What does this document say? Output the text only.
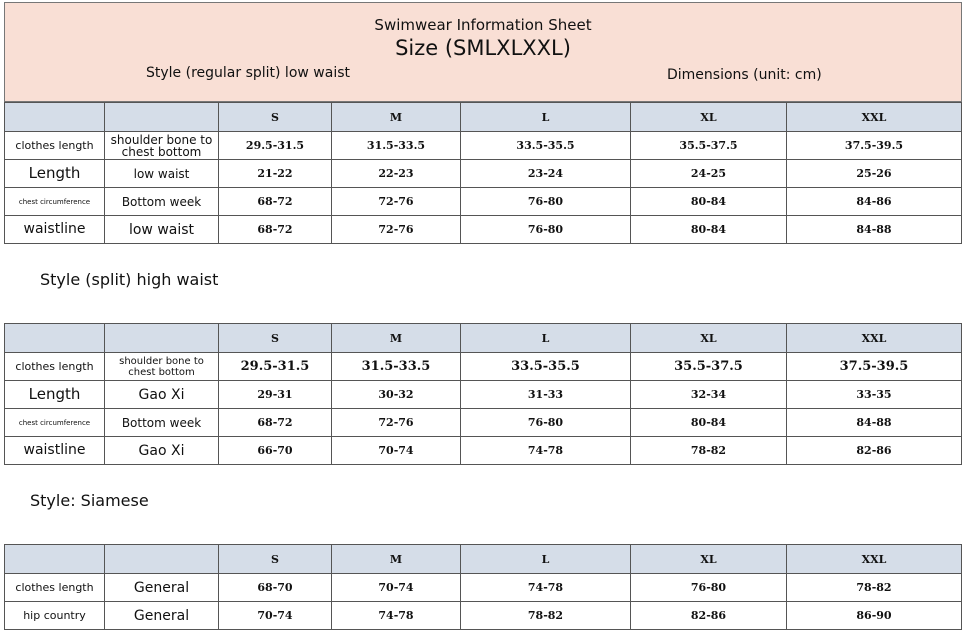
Swimwear Information Sheet
Size (SMLXLXXL)
Style (regular split) low waist	Dimensions (unit: cm)
		S	M	L	XL	XXL
clothes length	shoulder bone to chest bottom	29.5-31.5	31.5-33.5	33.5-35.5	35.5-37.5	37.5-39.5
Length	low waist	21-22	22-23	23-24	24-25	25-26

chest circumference	Bottom week	68-72	72-76	76-80	80-84	84-86
waistline	low waist	68-72	72-76	76-80	80-84	84-88
Style (split) high waist
		S	M	L	XL	XXL
clothes length	shoulder bone to chest bottom	29.5-31.5	31.5-33.5	33.5-35.5	35.5-37.5	37.5-39.5
Length	Gao Xi	29-31	30-32	31-33	32-34	33-35

chest circumference	Bottom week	68-72	72-76	76-80	80-84	84-88
waistline	Gao Xi	66-70	70-74	74-78	78-82	82-86
Style: Siamese
		S	M	L	XL	XXL
clothes length	General	68-70	70-74	74-78	76-80	78-82
hip country	General	70-74	74-78	78-82	82-86	86-90
